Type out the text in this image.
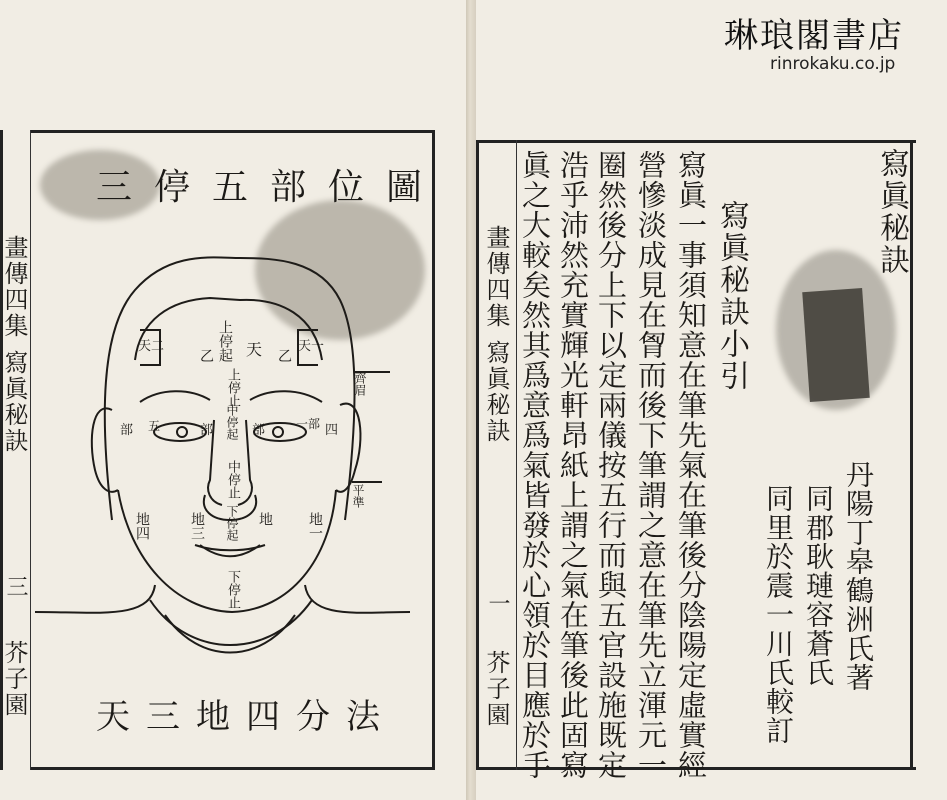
畫傳四集
寫眞秘訣
三
芥子園
三停五部位圖
上停起 天
天二	天一
乙	乙
上停止
中停起
部 五	部	部	一部 四
中停止
下停起
地四	地三	地 地一
下停止
齊眉
平準
天三地四分法
畫傳四集
寫眞秘訣
一
芥子園	寫眞一事須知意在筆先氣在筆後分陰陽定虛實經
營慘淡成見在胷而後下筆謂之意在筆先立渾元一
圈然後分上下以定兩儀按五行而與五官設施既定
浩乎沛然充實輝光軒昂紙上謂之氣在筆後此固寫
眞之大較矣然其爲意爲氣皆發於心領於目應於手	寫眞秘訣小引
丹陽丁皋鶴洲氏著
同郡耿璉容蒼氏
同里於震一川氏較訂
寫眞秘訣
琳琅閣書店
rinrokaku.co.jp
